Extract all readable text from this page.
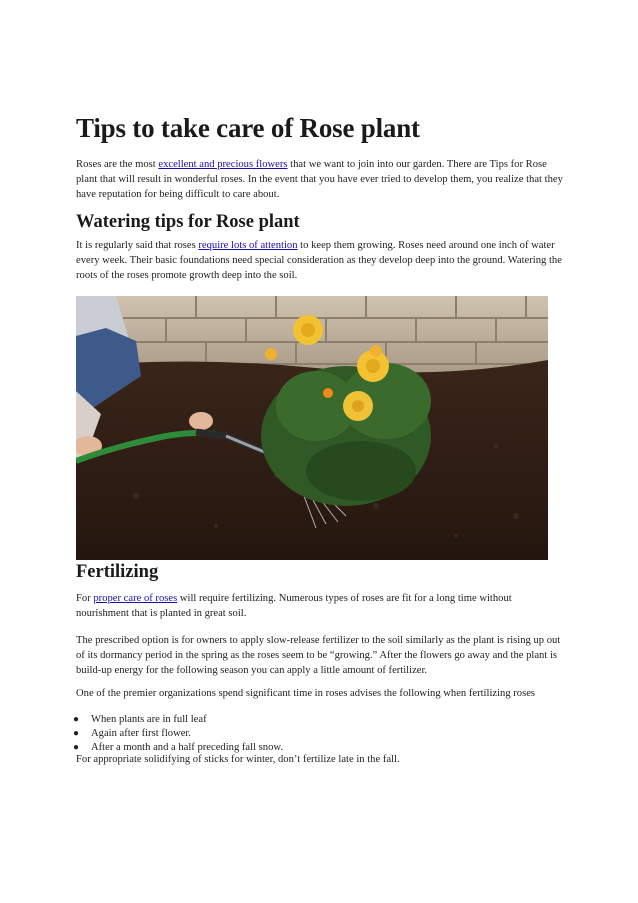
Tips to take care of Rose plant

Roses are the most excellent and precious flowers that we want to join into our garden. There are Tips for Rose plant that will result in wonderful roses. In the event that you have ever tried to develop them, you realize that they have reputation for being difficult to care about.

Watering tips for Rose plant

It is regularly said that roses require lots of attention to keep them growing. Roses need around one inch of water every week. Their basic foundations need special consideration as they develop deep into the ground. Watering the roots of the roses promote growth deep into the soil.

Fertilizing

For proper care of roses will require fertilizing. Numerous types of roses are fit for a long time without nourishment that is planted in great soil.

The prescribed option is for owners to apply slow-release fertilizer to the soil similarly as the plant is rising up out of its dormancy period in the spring as the roses seem to be “growing.” After the flowers go away and the plant is build-up energy for the following season you can apply a little amount of fertilizer.

One of the premier organizations spend significant time in roses advises the following when fertilizing roses

● When plants are in full leaf
● Again after first flower.
● After a month and a half preceding fall snow.

For appropriate solidifying of sticks for winter, don’t fertilize late in the fall.
